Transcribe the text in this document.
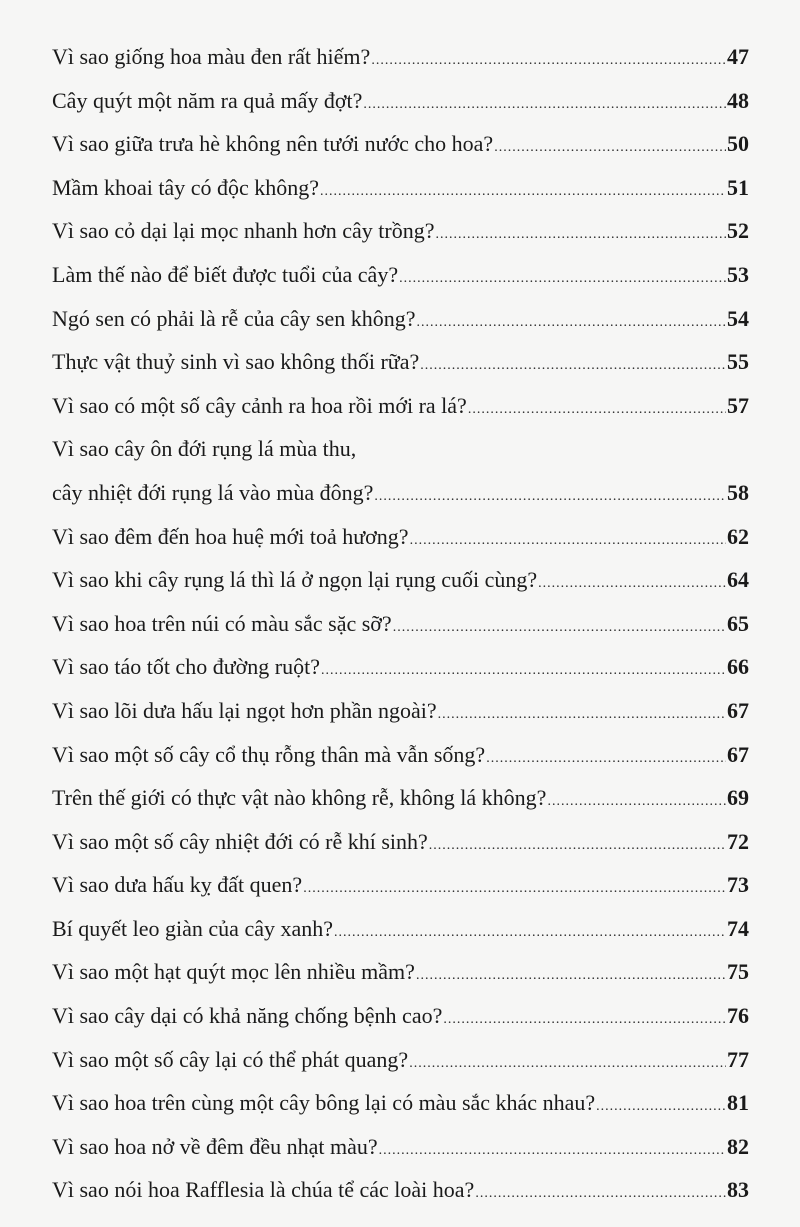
Vì sao giống hoa màu đen rất hiếm? .....	47
Cây quýt một năm ra quả mấy đợt? .....	48
Vì sao giữa trưa hè không nên tưới nước cho hoa? .....	50
Mầm khoai tây có độc không? .....	51
Vì sao cỏ dại lại mọc nhanh hơn cây trồng? .....	52
Làm thế nào để biết được tuổi của cây? .....	53
Ngó sen có phải là rễ của cây sen không? .....	54
Thực vật thuỷ sinh vì sao không thối rữa? .....	55
Vì sao có một số cây cảnh ra hoa rồi mới ra lá? .....	57
Vì sao cây ôn đới rụng lá mùa thu,
cây nhiệt đới rụng lá vào mùa đông? .....	58
Vì sao đêm đến hoa huệ mới toả hương? .....	62
Vì sao khi cây rụng lá thì lá ở ngọn lại rụng cuối cùng? .....	64
Vì sao hoa trên núi có màu sắc sặc sỡ? .....	65
Vì sao táo tốt cho đường ruột? .....	66
Vì sao lõi dưa hấu lại ngọt hơn phần ngoài? .....	67
Vì sao một số cây cổ thụ rỗng thân mà vẫn sống? .....	67
Trên thế giới có thực vật nào không rễ, không lá không? .....	69
Vì sao một số cây nhiệt đới có rễ khí sinh? .....	72
Vì sao dưa hấu kỵ đất quen? .....	73
Bí quyết leo giàn của cây xanh? .....	74
Vì sao một hạt quýt mọc lên nhiều mầm? .....	75
Vì sao cây dại có khả năng chống bệnh cao? .....	76
Vì sao một số cây lại có thể phát quang? .....	77
Vì sao hoa trên cùng một cây bông lại có màu sắc khác nhau? .....	81
Vì sao hoa nở về đêm đều nhạt màu? .....	82
Vì sao nói hoa Rafflesia là chúa tể các loài hoa? .....	83
